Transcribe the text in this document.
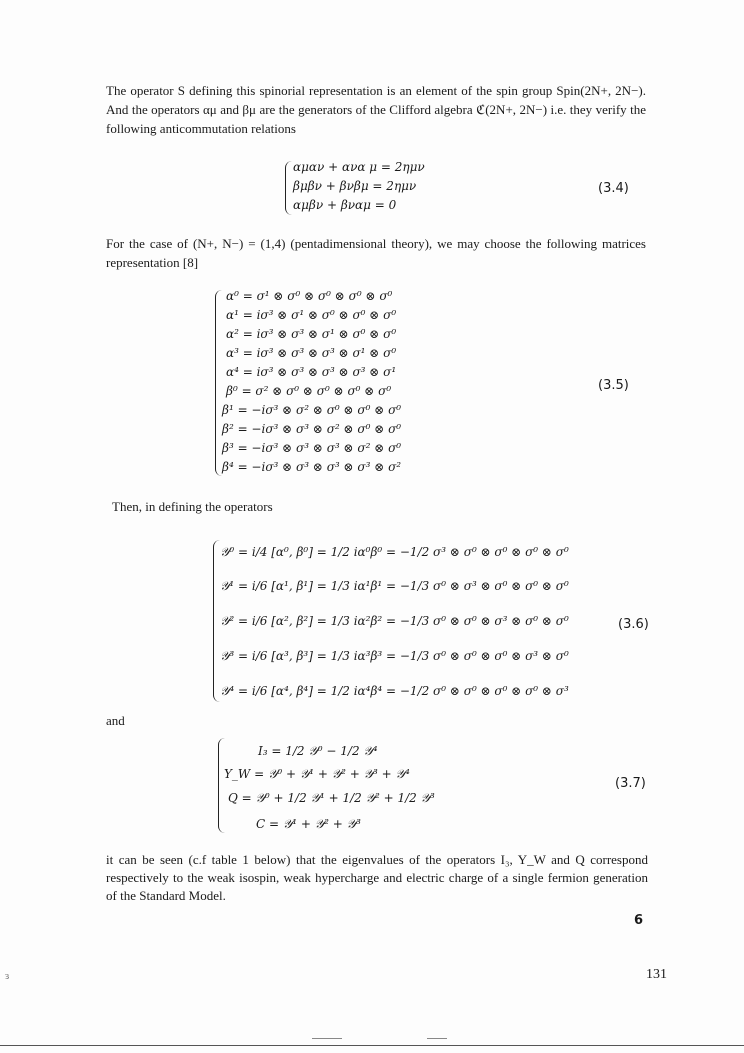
The operator S defining this spinorial representation is an element of the spin group Spin(2N+, 2N−). And the operators αμ and βμ are the generators of the Clifford algebra ℭ(2N+, 2N−) i.e. they verify the following anticommutation relations
αμαν + ανα μ = 2ημν
βμβν + βνβμ = 2ημν
αμβν + βναμ = 0
(3.4)
For the case of (N+, N−) = (1,4) (pentadimensional theory), we may choose the following matrices representation [8]
α⁰ = σ¹ ⊗ σ⁰ ⊗ σ⁰ ⊗ σ⁰ ⊗ σ⁰
α¹ = iσ³ ⊗ σ¹ ⊗ σ⁰ ⊗ σ⁰ ⊗ σ⁰
α² = iσ³ ⊗ σ³ ⊗ σ¹ ⊗ σ⁰ ⊗ σ⁰
α³ = iσ³ ⊗ σ³ ⊗ σ³ ⊗ σ¹ ⊗ σ⁰
α⁴ = iσ³ ⊗ σ³ ⊗ σ³ ⊗ σ³ ⊗ σ¹
β⁰ = σ² ⊗ σ⁰ ⊗ σ⁰ ⊗ σ⁰ ⊗ σ⁰
β¹ = −iσ³ ⊗ σ² ⊗ σ⁰ ⊗ σ⁰ ⊗ σ⁰
β² = −iσ³ ⊗ σ³ ⊗ σ² ⊗ σ⁰ ⊗ σ⁰
β³ = −iσ³ ⊗ σ³ ⊗ σ³ ⊗ σ² ⊗ σ⁰
β⁴ = −iσ³ ⊗ σ³ ⊗ σ³ ⊗ σ³ ⊗ σ²
(3.5)
Then, in defining the operators
𝒴⁰ = i/4 [α⁰, β⁰] = 1/2 iα⁰β⁰ = −1/2 σ³ ⊗ σ⁰ ⊗ σ⁰ ⊗ σ⁰ ⊗ σ⁰
𝒴¹ = i/6 [α¹, β¹] = 1/3 iα¹β¹ = −1/3 σ⁰ ⊗ σ³ ⊗ σ⁰ ⊗ σ⁰ ⊗ σ⁰
𝒴² = i/6 [α², β²] = 1/3 iα²β² = −1/3 σ⁰ ⊗ σ⁰ ⊗ σ³ ⊗ σ⁰ ⊗ σ⁰
𝒴³ = i/6 [α³, β³] = 1/3 iα³β³ = −1/3 σ⁰ ⊗ σ⁰ ⊗ σ⁰ ⊗ σ³ ⊗ σ⁰
𝒴⁴ = i/6 [α⁴, β⁴] = 1/2 iα⁴β⁴ = −1/2 σ⁰ ⊗ σ⁰ ⊗ σ⁰ ⊗ σ⁰ ⊗ σ³
(3.6)
and
I₃ = 1/2 𝒴⁰ − 1/2 𝒴⁴
Y_W = 𝒴⁰ + 𝒴¹ + 𝒴² + 𝒴³ + 𝒴⁴
Q = 𝒴⁰ + 1/2 𝒴¹ + 1/2 𝒴² + 1/2 𝒴³
C = 𝒴¹ + 𝒴² + 𝒴³
(3.7)
it can be seen (c.f table 1 below) that the eigenvalues of the operators I₃, Y_W and Q correspond respectively to the weak isospin, weak hypercharge and electric charge of a single fermion generation of the Standard Model.
6
131
ɜ
